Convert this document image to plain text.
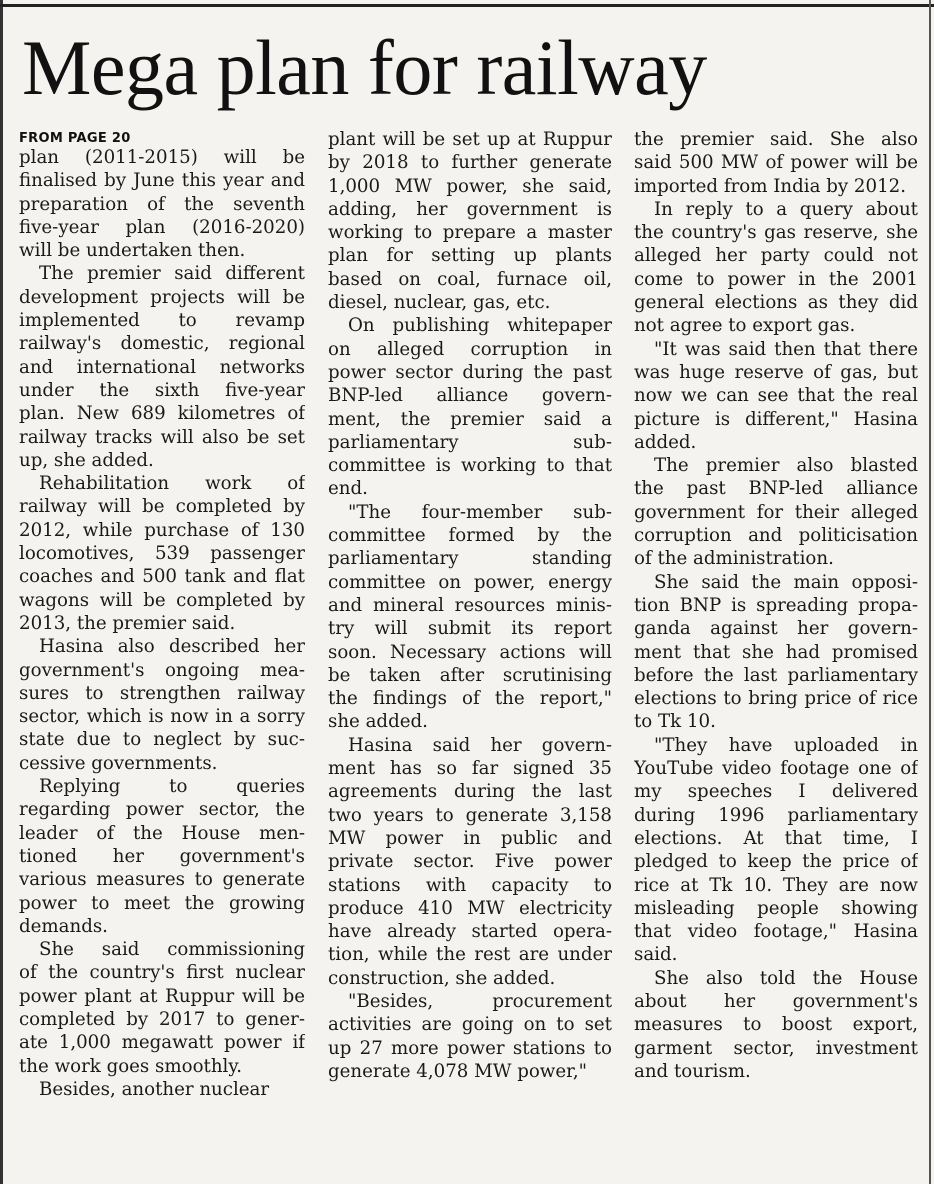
Mega plan for railway
FROM PAGE 20
plan (2011-2015) will be
finalised by June this year and
preparation of the seventh
five-year plan (2016-2020)
will be undertaken then.
The premier said different
development projects will be
implemented to revamp
railway's domestic, regional
and international networks
under the sixth five-year
plan. New 689 kilometres of
railway tracks will also be set
up, she added.
Rehabilitation work of
railway will be completed by
2012, while purchase of 130
locomotives, 539 passenger
coaches and 500 tank and flat
wagons will be completed by
2013, the premier said.
Hasina also described her
government's ongoing mea-
sures to strengthen railway
sector, which is now in a sorry
state due to neglect by suc-
cessive governments.
Replying to queries
regarding power sector, the
leader of the House men-
tioned her government's
various measures to generate
power to meet the growing
demands.
She said commissioning
of the country's first nuclear
power plant at Ruppur will be
completed by 2017 to gener-
ate 1,000 megawatt power if
the work goes smoothly.
Besides, another nuclear
plant will be set up at Ruppur
by 2018 to further generate
1,000 MW power, she said,
adding, her government is
working to prepare a master
plan for setting up plants
based on coal, furnace oil,
diesel, nuclear, gas, etc.
On publishing whitepaper
on alleged corruption in
power sector during the past
BNP-led alliance govern-
ment, the premier said a
parliamentary sub-
committee is working to that
end.
"The four-member sub-
committee formed by the
parliamentary standing
committee on power, energy
and mineral resources minis-
try will submit its report
soon. Necessary actions will
be taken after scrutinising
the findings of the report,"
she added.
Hasina said her govern-
ment has so far signed 35
agreements during the last
two years to generate 3,158
MW power in public and
private sector. Five power
stations with capacity to
produce 410 MW electricity
have already started opera-
tion, while the rest are under
construction, she added.
"Besides, procurement
activities are going on to set
up 27 more power stations to
generate 4,078 MW power,"
the premier said. She also
said 500 MW of power will be
imported from India by 2012.
In reply to a query about
the country's gas reserve, she
alleged her party could not
come to power in the 2001
general elections as they did
not agree to export gas.
"It was said then that there
was huge reserve of gas, but
now we can see that the real
picture is different," Hasina
added.
The premier also blasted
the past BNP-led alliance
government for their alleged
corruption and politicisation
of the administration.
She said the main opposi-
tion BNP is spreading propa-
ganda against her govern-
ment that she had promised
before the last parliamentary
elections to bring price of rice
to Tk 10.
"They have uploaded in
YouTube video footage one of
my speeches I delivered
during 1996 parliamentary
elections. At that time, I
pledged to keep the price of
rice at Tk 10. They are now
misleading people showing
that video footage," Hasina
said.
She also told the House
about her government's
measures to boost export,
garment sector, investment
and tourism.
